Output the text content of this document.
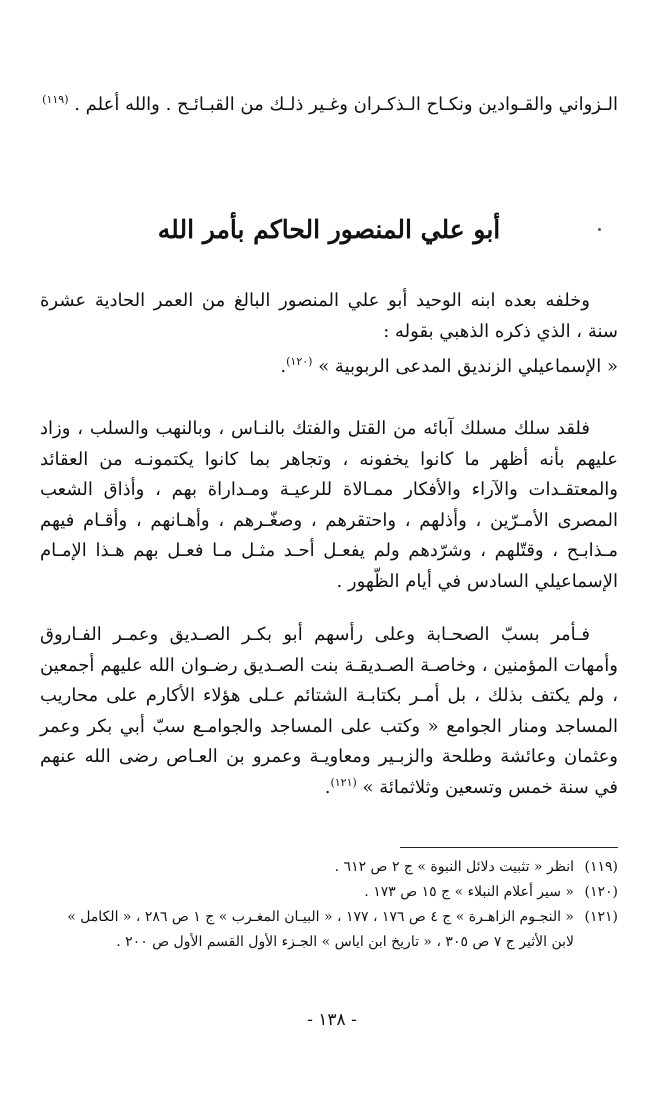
الـزواني والقـوادين ونكـاح الـذكـران وغـير ذلـك من القبـائـح . والله أعلم . $^{(١١٩)}$
أبو علي المنصور الحاكم بأمر الله

وخلفه بعده ابنه الوحيد أبو علي المنصور البالغ من العمر الحادية عشرة سنة ، الذي ذكره الذهبي بقوله :

« الإسماعيلي الزنديق المدعى الربوبية » $^{(١٢٠)}$.

فلقد سلك مسلك آبائه من القتل والفتك بالنـاس ، وبالنهب والسلب ، وزاد عليهم بأنه أظهر ما كانوا يخفونه ، وتجاهر بما كانوا يكتمونـه من العقائد والمعتقـدات والآراء والأفكار ممـالاة للرعيـة ومـداراة بهم ، وأذاق الشعب المصرى الأمـرّين ، وأذلهم ، واحتقرهم ، وصغّـرهم ، وأهـانهم ، وأقـام فيهم مـذابـح ، وقتّلهم ، وشرّدهم ولم يفعـل أحـد مثـل مـا فعـل بهم هـذا الإمـام الإسماعيلي السادس في أيام الظّهور .

فـأمر بسبّ الصحـابة وعلى رأسهم أبو بكـر الصـديق وعمـر الفـاروق وأمهات المؤمنين ، وخاصـة الصـديقـة بنت الصـديق رضـوان الله عليهم أجمعين ، ولم يكتف بذلك ، بل أمـر بكتابـة الشتائم عـلى هؤلاء الأكارم على محاريب المساجد ومنار الجوامع « وكتب على المساجد والجوامـع سبّ أبي بكر وعمر وعثمان وعائشة وطلحة والزبـير ومعاويـة وعمرو بن العـاص رضى الله عنهم في سنة خمس وتسعين وثلاثمائة » $^{(١٢١)}$.

(١١٩)
انظر « تثبيت دلائل النبوة » ج ٢ ص ٦١٢ .
(١٢٠)
« سير أعلام النبلاء » ج ١٥ ص ١٧٣ .
(١٢١)
« النجـوم الزاهـرة » ج ٤ ص ١٧٦ ، ١٧٧ ، « البيـان المغـرب » ج ١ ص ٢٨٦ ، « الكامل » لابن الأثير ج ٧ ص ٣٠٥ ، « تاريخ ابن اياس » الجـزء الأول القسم الأول ص ٢٠٠ .
- ١٣٨ -
